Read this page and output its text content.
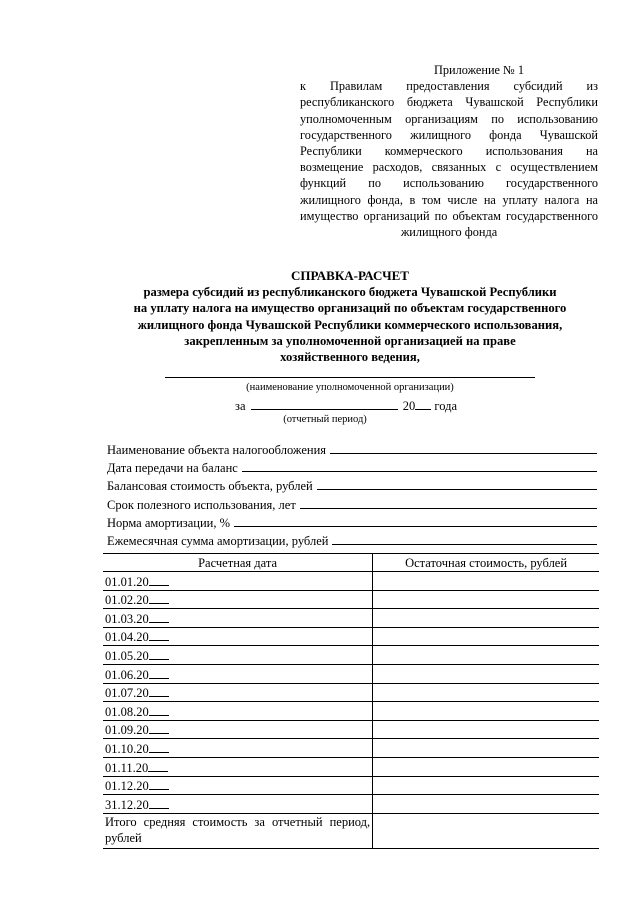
Приложение № 1
к Правилам предоставления субсидий из республиканского бюджета Чувашской Республики уполномоченным организациям по использованию государственного жилищного фонда Чувашской Республики коммерческого использования на возмещение расходов, связанных с осуществлением функций по использованию государственного жилищного фонда, в том числе на уплату налога на имущество организаций по объектам государственного жилищного фонда
СПРАВКА-РАСЧЕТ
размера субсидий из республиканского бюджета Чувашской Республики
на уплату налога на имущество организаций по объектам государственного
жилищного фонда Чувашской Республики коммерческого использования,
закрепленным за уполномоченной организацией на праве
хозяйственного ведения,
(наименование уполномоченной организации)
за	20 года
(отчетный период)
Наименование объекта налогообложения
Дата передачи на баланс
Балансовая стоимость объекта, рублей
Срок полезного использования, лет
Норма амортизации, %
Ежемесячная сумма амортизации, рублей
Расчетная дата	Остаточная стоимость, рублей
01.01.20	
01.02.20	
01.03.20	
01.04.20	
01.05.20	
01.06.20	
01.07.20	
01.08.20	
01.09.20	
01.10.20	
01.11.20	
01.12.20	
31.12.20	
Итого средняя стоимость за отчетный период, рублей	
